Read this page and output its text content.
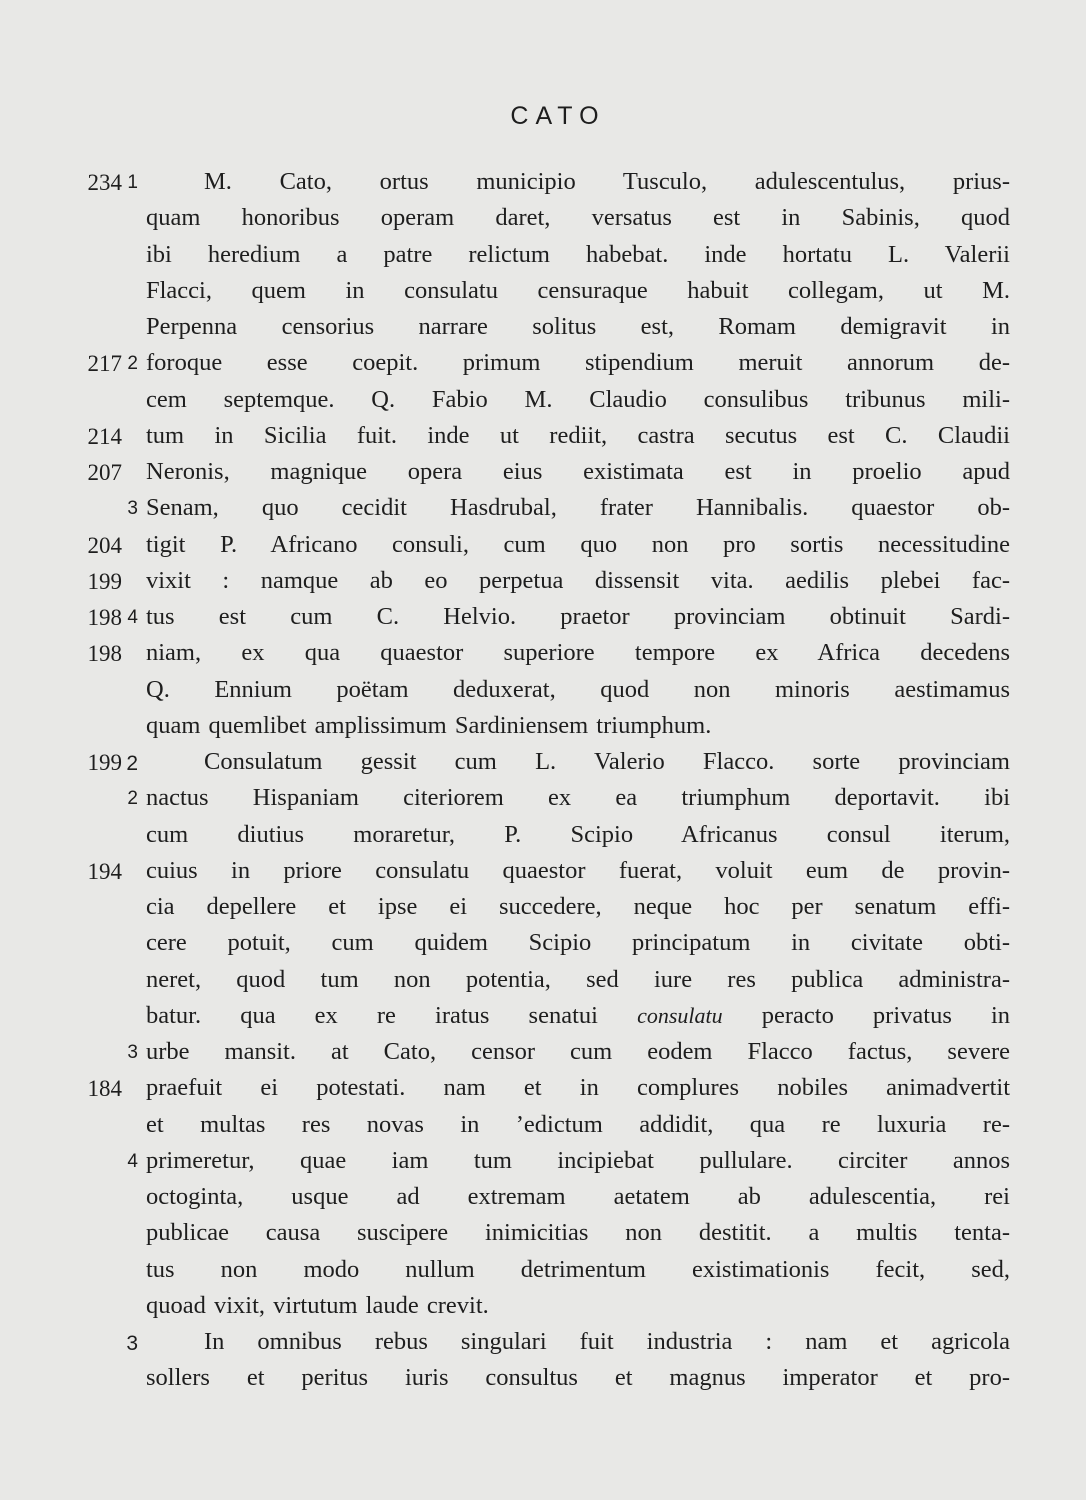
CATO
234 1	M. Cato, ortus municipio Tusculo, adulescentulus, prius-
quam honoribus operam daret, versatus est in Sabinis, quod
ibi heredium a patre relictum habebat. inde hortatu L. Valerii
Flacci, quem in consulatu censuraque habuit collegam, ut M.
Perpenna censorius narrare solitus est, Romam demigravit in
217 2 foroque esse coepit. primum stipendium meruit annorum de-
cem septemque. Q. Fabio M. Claudio consulibus tribunus mili-
214 tum in Sicilia fuit. inde ut rediit, castra secutus est C. Claudii
207 Neronis, magnique opera eius existimata est in proelio apud
3 Senam, quo cecidit Hasdrubal, frater Hannibalis. quaestor ob-
204 tigit P. Africano consuli, cum quo non pro sortis necessitudine
199 vixit : namque ab eo perpetua dissensit vita. aedilis plebei fac-
198 4 tus est cum C. Helvio. praetor provinciam obtinuit Sardi-
198 niam, ex qua quaestor superiore tempore ex Africa decedens
Q. Ennium poëtam deduxerat, quod non minoris aestimamus
quam quemlibet amplissimum Sardiniensem triumphum.
199 2	Consulatum gessit cum L. Valerio Flacco. sorte provinciam
2 nactus Hispaniam citeriorem ex ea triumphum deportavit. ibi
cum diutius moraretur, P. Scipio Africanus consul iterum,
194 cuius in priore consulatu quaestor fuerat, voluit eum de provin-
cia depellere et ipse ei succedere, neque hoc per senatum effi-
cere potuit, cum quidem Scipio principatum in civitate obti-
neret, quod tum non potentia, sed iure res publica administra-
batur. qua ex re iratus senatui consulatu peracto privatus in
3 urbe mansit. at Cato, censor cum eodem Flacco factus, severe
184 praefuit ei potestati. nam et in complures nobiles animadvertit
et multas res novas in ʼedictum addidit, qua re luxuria re-
4 primeretur, quae iam tum incipiebat pullulare. circiter annos
octoginta, usque ad extremam aetatem ab adulescentia, rei
publicae causa suscipere inimicitias non destitit. a multis tenta-
tus non modo nullum detrimentum existimationis fecit, sed,
quoad vixit, virtutum laude crevit.
3	In omnibus rebus singulari fuit industria : nam et agricola
sollers et peritus iuris consultus et magnus imperator et pro-
